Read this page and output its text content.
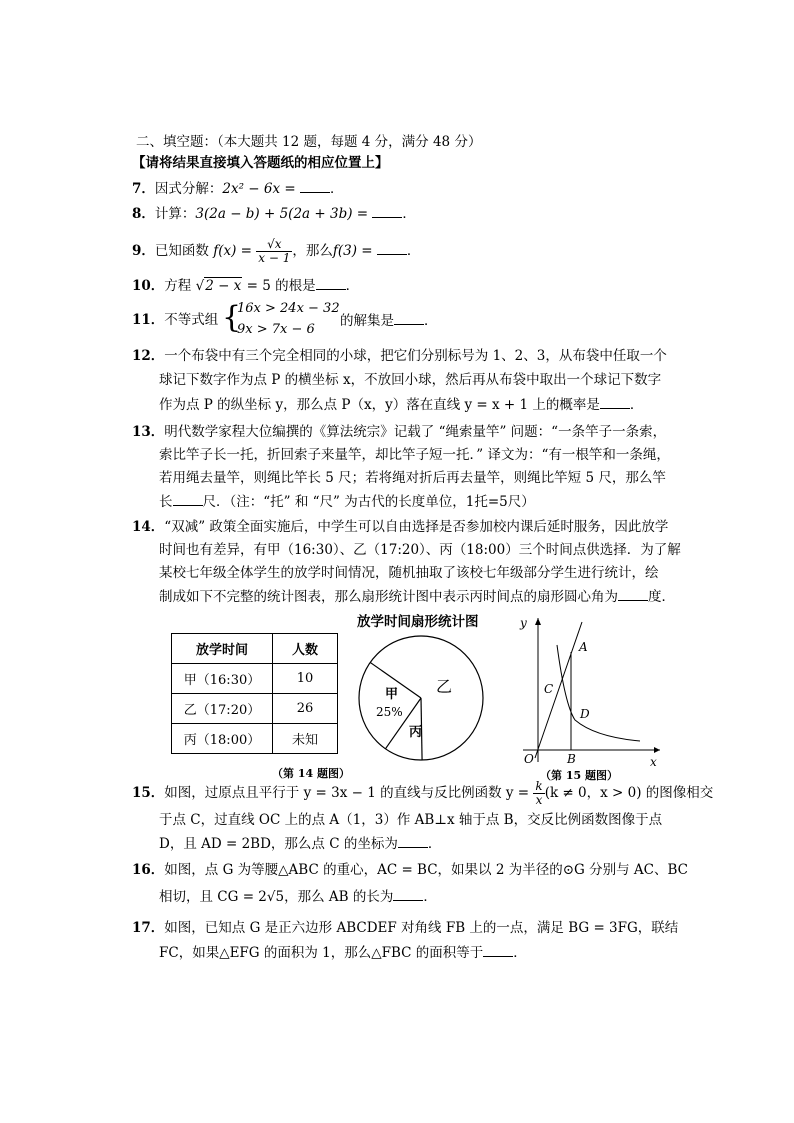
二、填空题：（本大题共 12 题，每题 4 分，满分 48 分）
【请将结果直接填入答题纸的相应位置上】
7．因式分解：2x² − 6x =	．
8．计算：3(2a − b) + 5(2a + 3b) =	．
9．已知函数 $f(x) = \frac{√x}{x - 1}$ ，那么f(3) =	．
10．方程 √2 − x = 5 的根是 ．
11．不等式组 {
16x > 24x − 32
9x > 7x − 6
的解集是 ．
12．一个布袋中有三个完全相同的小球，把它们分别标号为 1、2、3，从布袋中任取一个
球记下数字作为点 P 的横坐标 x，不放回小球，然后再从布袋中取出一个球记下数字
作为点 P 的纵坐标 y，那么点 P（x，y）落在直线 y = x + 1 上的概率是 ．
13．明代数学家程大位编撰的《算法统宗》记载了 “绳索量竿” 问题：“一条竿子一条索，
索比竿子长一托，折回索子来量竿，却比竿子短一托．” 译文为：“有一根竿和一条绳，
若用绳去量竿，则绳比竿长 5 尺；若将绳对折后再去量竿，则绳比竿短 5 尺，那么竿
长 尺．（注：“托” 和 “尺” 为古代的长度单位，1托=5尺）
14．“双减” 政策全面实施后，中学生可以自由选择是否参加校内课后延时服务，因此放学
时间也有差异，有甲（16:30）、乙（17:20）、丙（18:00）三个时间点供选择．为了解
某校七年级全体学生的放学时间情况，随机抽取了该校七年级部分学生进行统计，绘
制成如下不完整的统计图表，那么扇形统计图中表示丙时间点的扇形圆心角为 度．
放学时间	人数
甲（16:30）	10
乙（17:20）	26
丙（18:00）	未知
放学时间扇形统计图
甲
25%
乙
丙
（第 14 题图）
y
x
O
A
B
C
D
（第 15 题图）
15．如图，过原点且平行于 y = 3x − 1 的直线与反比例函数 $y = \frac{k}{x} (k \ne 0$，x > 0) 的图像相交
于点 C，过直线 OC 上的点 A（1，3）作 AB⊥x 轴于点 B，交反比例函数图像于点
D，且 AD = 2BD，那么点 C 的坐标为 ．
16．如图，点 G 为等腰△ABC 的重心，AC = BC，如果以 2 为半径的⊙G 分别与 AC、BC
相切，且 CG = 2√5，那么 AB 的长为 ．
17．如图，已知点 G 是正六边形 ABCDEF 对角线 FB 上的一点，满足 BG = 3FG，联结
FC，如果△EFG 的面积为 1，那么△FBC 的面积等于 ．
